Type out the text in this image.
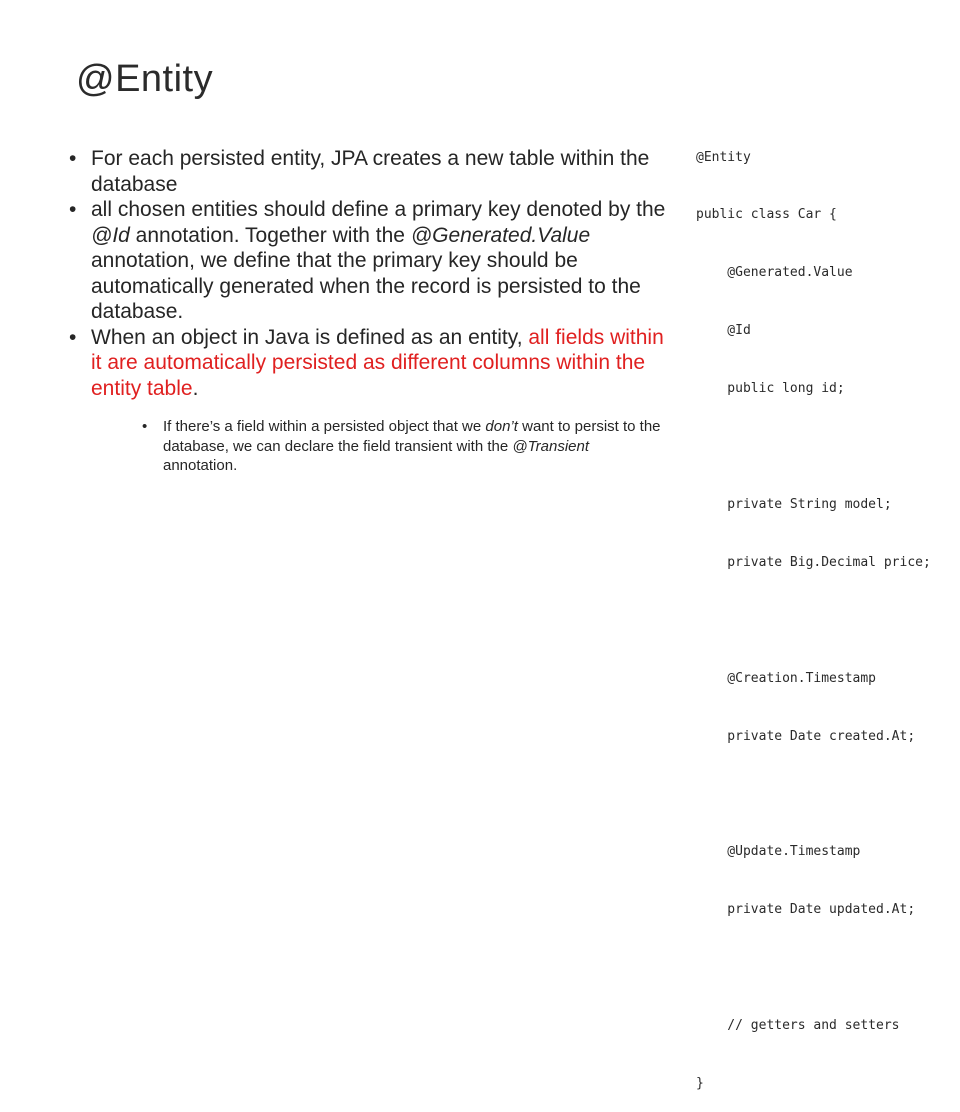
@Entity
• For each persisted entity, JPA creates a new table within the database
• all chosen entities should define a primary key denoted by the @Id annotation. Together with the @Generated.Value annotation, we define that the primary key should be automatically generated when the record is persisted to the database.
• When an object in Java is defined as an entity, all fields within it are automatically persisted as different columns within the entity table.
• If there’s a field within a persisted object that we don’t want to persist to the database, we can declare the field transient with the @Transient annotation.

@Entity

public class Car {

@Generated.Value

@Id

public long id;

private String model;

private Big.Decimal price;

@Creation.Timestamp

private Date created.At;

@Update.Timestamp

private Date updated.At;

// getters and setters

}
